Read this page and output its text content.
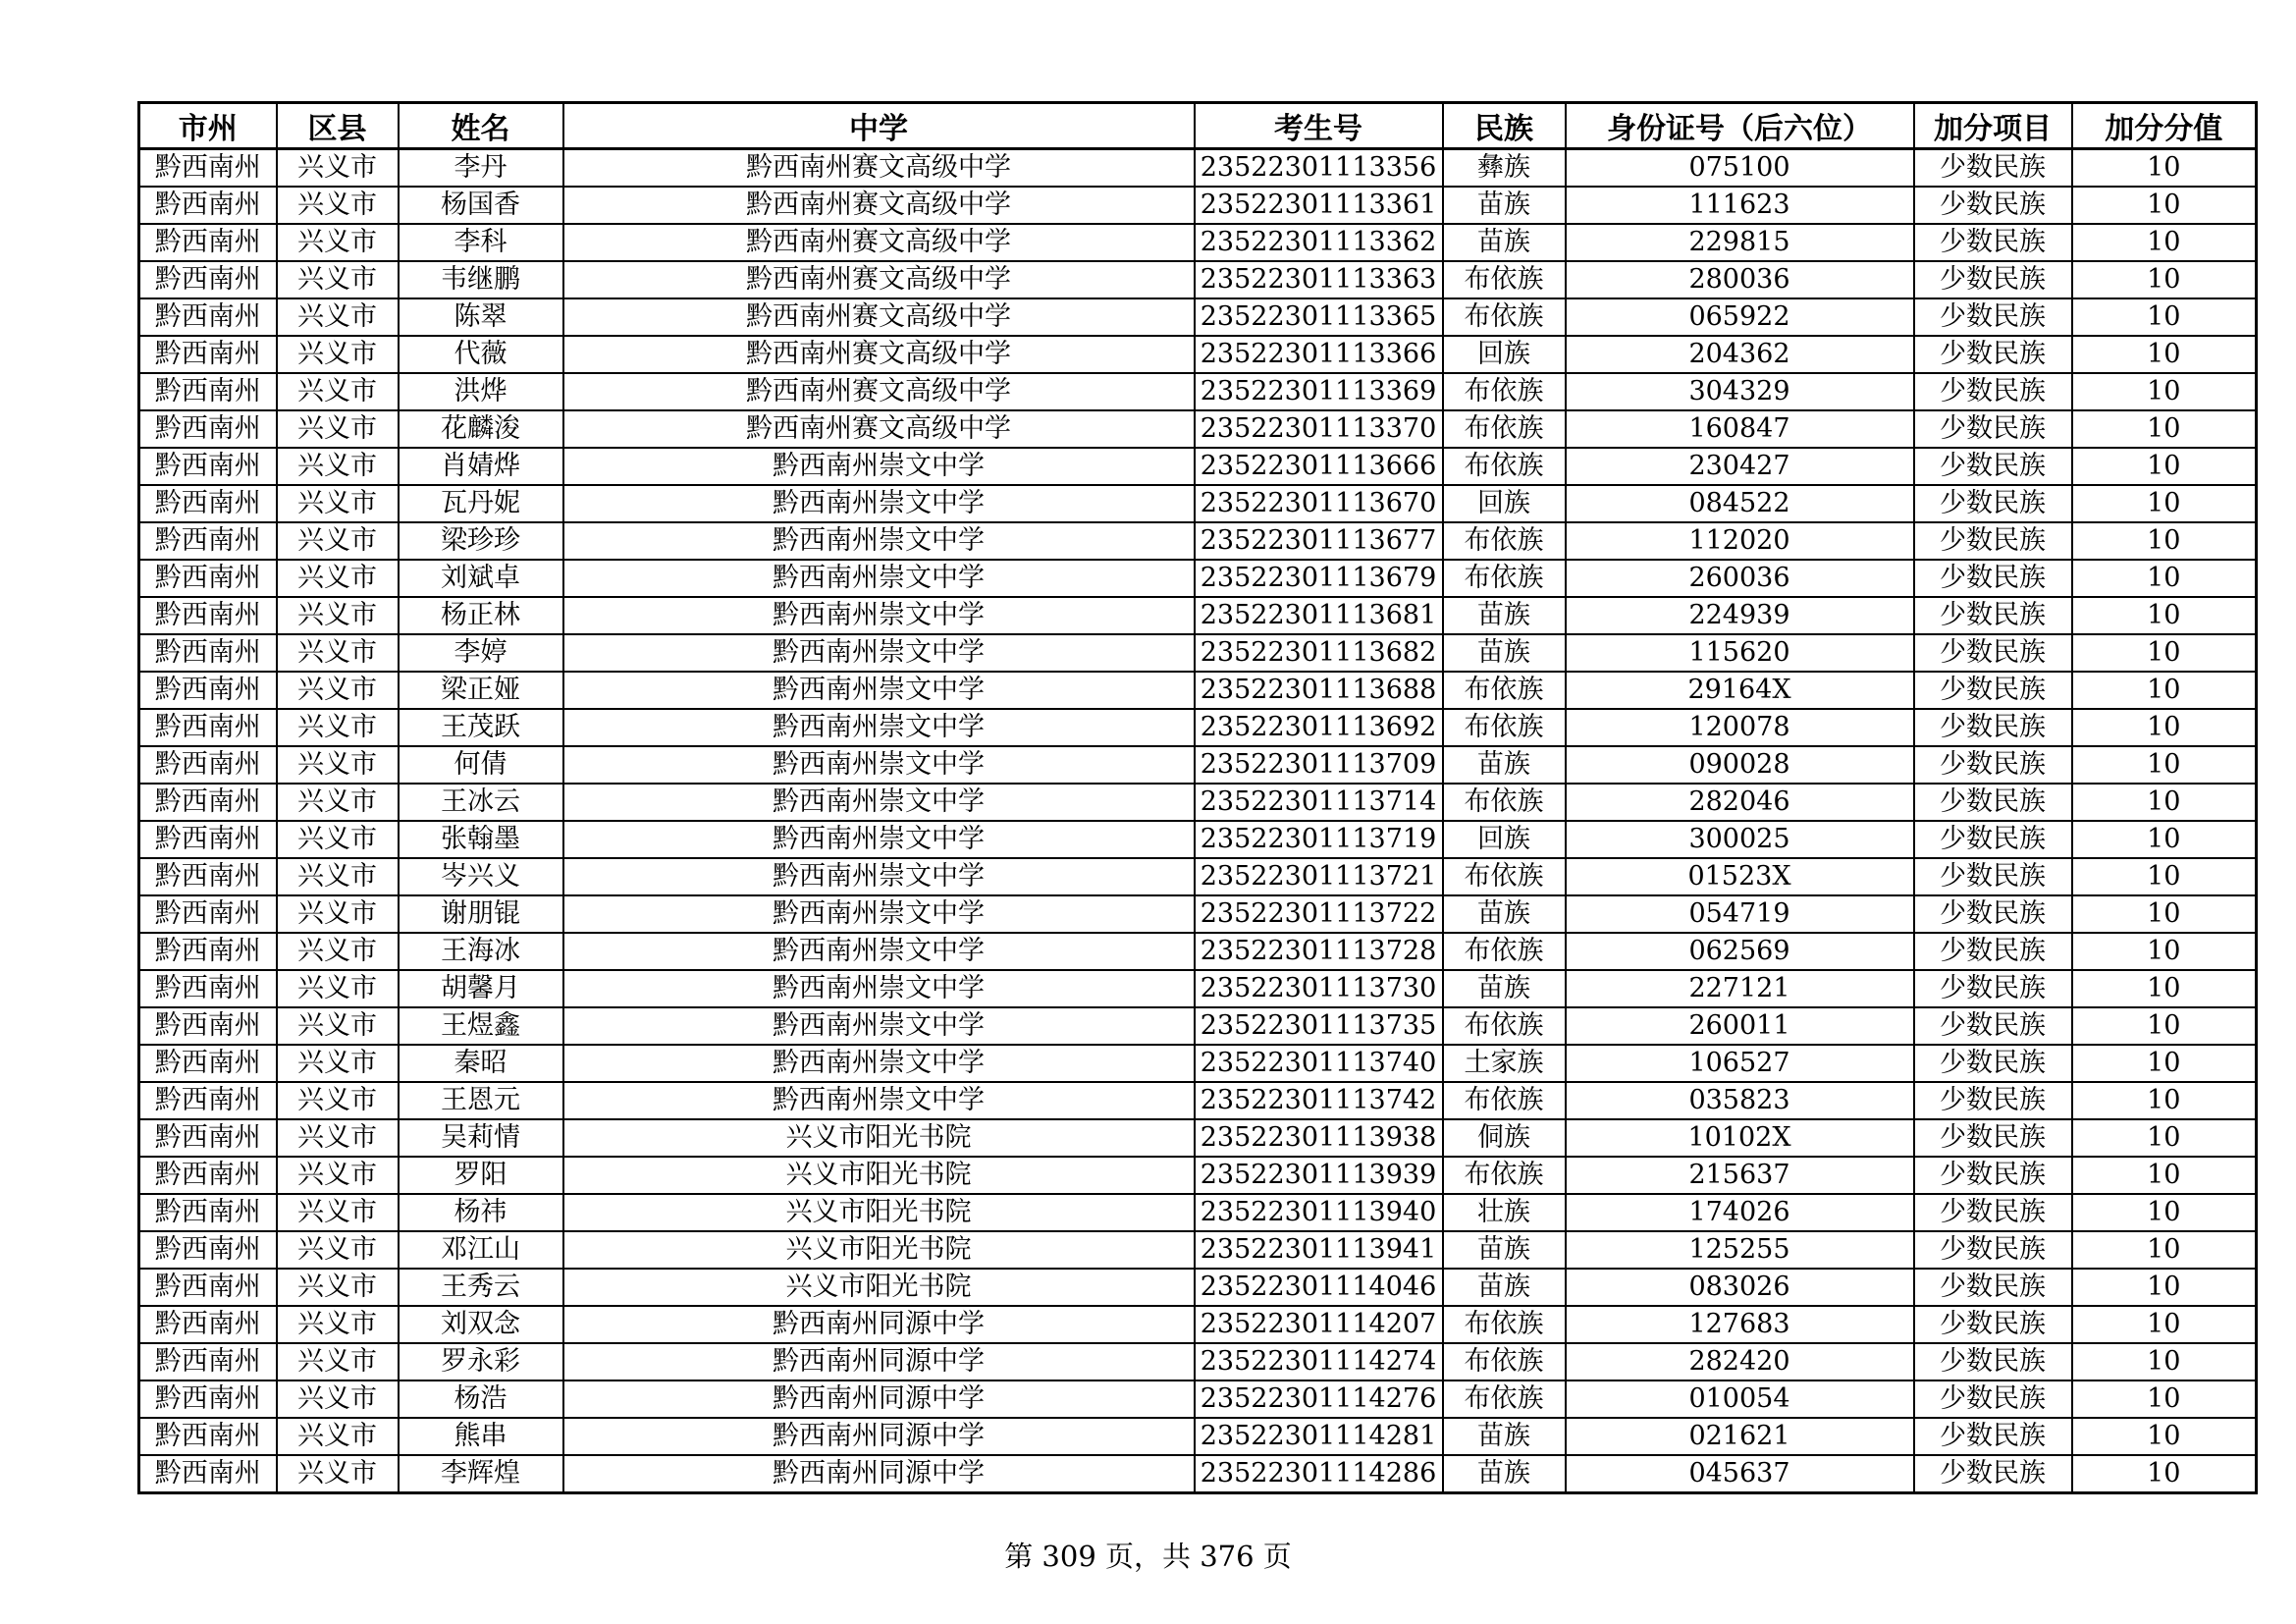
市州	区县	姓名	中学	考生号	民族	身份证号（后六位）	加分项目	加分分值
黔西南州	兴义市	李丹	黔西南州赛文高级中学	23522301113356	彝族	075100	少数民族	10
黔西南州	兴义市	杨国香	黔西南州赛文高级中学	23522301113361	苗族	111623	少数民族	10
黔西南州	兴义市	李科	黔西南州赛文高级中学	23522301113362	苗族	229815	少数民族	10
黔西南州	兴义市	韦继鹏	黔西南州赛文高级中学	23522301113363	布依族	280036	少数民族	10
黔西南州	兴义市	陈翠	黔西南州赛文高级中学	23522301113365	布依族	065922	少数民族	10
黔西南州	兴义市	代薇	黔西南州赛文高级中学	23522301113366	回族	204362	少数民族	10
黔西南州	兴义市	洪烨	黔西南州赛文高级中学	23522301113369	布依族	304329	少数民族	10
黔西南州	兴义市	花麟浚	黔西南州赛文高级中学	23522301113370	布依族	160847	少数民族	10
黔西南州	兴义市	肖婧烨	黔西南州崇文中学	23522301113666	布依族	230427	少数民族	10
黔西南州	兴义市	瓦丹妮	黔西南州崇文中学	23522301113670	回族	084522	少数民族	10
黔西南州	兴义市	梁珍珍	黔西南州崇文中学	23522301113677	布依族	112020	少数民族	10
黔西南州	兴义市	刘斌卓	黔西南州崇文中学	23522301113679	布依族	260036	少数民族	10
黔西南州	兴义市	杨正林	黔西南州崇文中学	23522301113681	苗族	224939	少数民族	10
黔西南州	兴义市	李婷	黔西南州崇文中学	23522301113682	苗族	115620	少数民族	10
黔西南州	兴义市	梁正娅	黔西南州崇文中学	23522301113688	布依族	29164X	少数民族	10
黔西南州	兴义市	王茂跃	黔西南州崇文中学	23522301113692	布依族	120078	少数民族	10
黔西南州	兴义市	何倩	黔西南州崇文中学	23522301113709	苗族	090028	少数民族	10
黔西南州	兴义市	王冰云	黔西南州崇文中学	23522301113714	布依族	282046	少数民族	10
黔西南州	兴义市	张翰墨	黔西南州崇文中学	23522301113719	回族	300025	少数民族	10
黔西南州	兴义市	岑兴义	黔西南州崇文中学	23522301113721	布依族	01523X	少数民族	10
黔西南州	兴义市	谢朋锟	黔西南州崇文中学	23522301113722	苗族	054719	少数民族	10
黔西南州	兴义市	王海冰	黔西南州崇文中学	23522301113728	布依族	062569	少数民族	10
黔西南州	兴义市	胡馨月	黔西南州崇文中学	23522301113730	苗族	227121	少数民族	10
黔西南州	兴义市	王煜鑫	黔西南州崇文中学	23522301113735	布依族	260011	少数民族	10
黔西南州	兴义市	秦昭	黔西南州崇文中学	23522301113740	土家族	106527	少数民族	10
黔西南州	兴义市	王恩元	黔西南州崇文中学	23522301113742	布依族	035823	少数民族	10
黔西南州	兴义市	吴莉情	兴义市阳光书院	23522301113938	侗族	10102X	少数民族	10
黔西南州	兴义市	罗阳	兴义市阳光书院	23522301113939	布依族	215637	少数民族	10
黔西南州	兴义市	杨祎	兴义市阳光书院	23522301113940	壮族	174026	少数民族	10
黔西南州	兴义市	邓江山	兴义市阳光书院	23522301113941	苗族	125255	少数民族	10
黔西南州	兴义市	王秀云	兴义市阳光书院	23522301114046	苗族	083026	少数民族	10
黔西南州	兴义市	刘双念	黔西南州同源中学	23522301114207	布依族	127683	少数民族	10
黔西南州	兴义市	罗永彩	黔西南州同源中学	23522301114274	布依族	282420	少数民族	10
黔西南州	兴义市	杨浩	黔西南州同源中学	23522301114276	布依族	010054	少数民族	10
黔西南州	兴义市	熊串	黔西南州同源中学	23522301114281	苗族	021621	少数民族	10
黔西南州	兴义市	李辉煌	黔西南州同源中学	23522301114286	苗族	045637	少数民族	10
第 309 页，共 376 页
